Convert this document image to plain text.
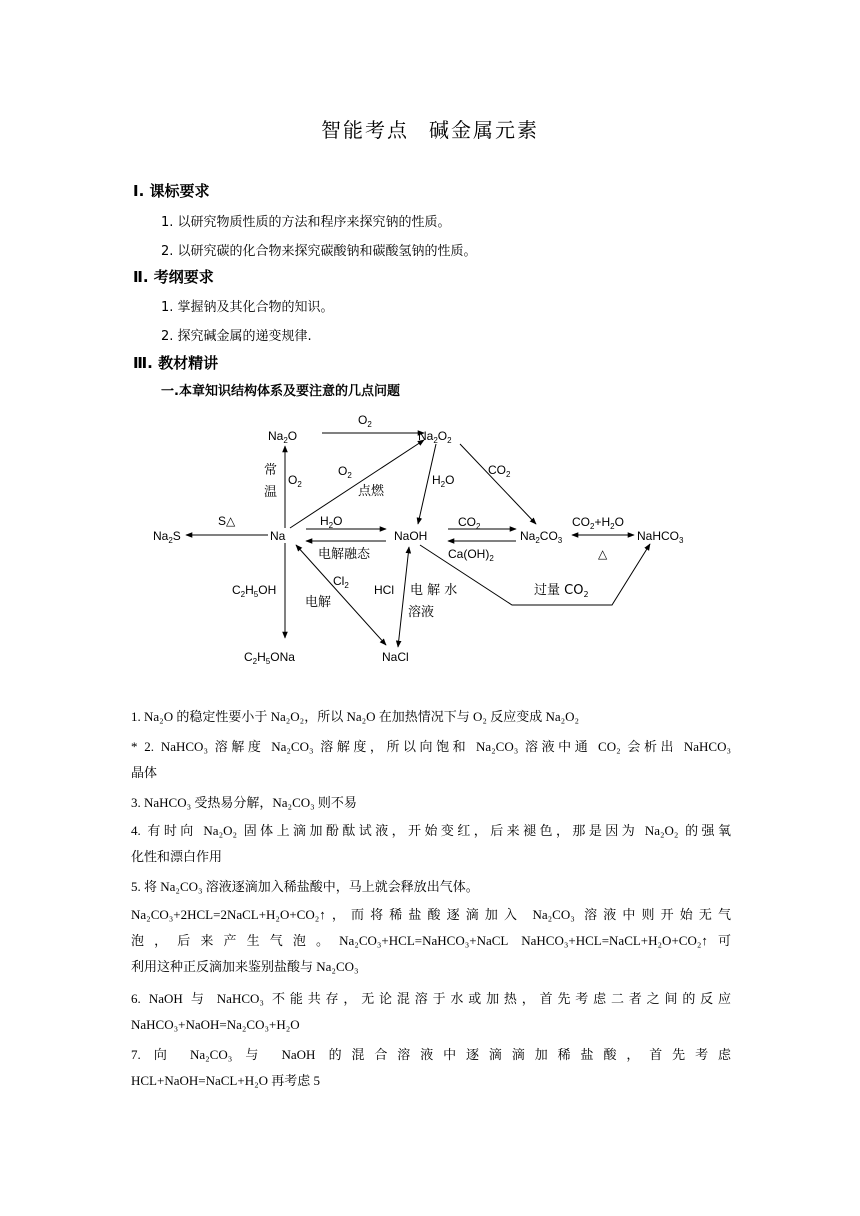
智能考点 碱金属元素
Ⅰ. 课标要求
1. 以研究物质性质的方法和程序来探究钠的性质。
2. 以研究碳的化合物来探究碳酸钠和碳酸氢钠的性质。
Ⅱ. 考纲要求
1. 掌握钠及其化合物的知识。
2. 探究碱金属的递变规律.
Ⅲ. 教材精讲
一.本章知识结构体系及要注意的几点问题
$Na_2O$	$Na_2O_2$
Na
$Na_2S$	NaOH	$Na_2CO_3$	NaHCO$_3$
$C_2H_5OH$
$C_2H_5ONa$	NaCl
$O_2$
常
温
$O_2$
$O_2$
点燃
$H_2O$
$CO_2$
S△	$H_2O$
电解融态
$CO_2$
$Ca(OH)_2$
$CO_2+H_2O$
△
$Cl_2$
电解
HCl 电 解 水
溶液
过量 $CO_2$
1. Na₂O 的稳定性要小于 Na₂O₂，所以 Na₂O 在加热情况下与 O₂ 反应变成 Na₂O₂
* 2. NaHCO₃ 溶解度 Na₂CO₃ 溶解度，所以向饱和 Na₂CO₃ 溶液中通 CO₂ 会析出 NaHCO₃
晶体
3. NaHCO₃ 受热易分解，Na₂CO₃ 则不易
4. 有时向 Na₂O₂ 固体上滴加酚酞试液，开始变红，后来褪色，那是因为 Na₂O₂ 的强氧
化性和漂白作用
5. 将 Na₂CO₃ 溶液逐滴加入稀盐酸中，马上就会释放出气体。
Na₂CO₃+2HCL=2NaCL+H₂O+CO₂↑，而将稀盐酸逐滴加入 Na₂CO₃ 溶液中则开始无气
泡，后来产生气泡。Na₂CO₃+HCL=NaHCO₃+NaCL NaHCO₃+HCL=NaCL+H₂O+CO₂↑可
利用这种正反滴加来鉴别盐酸与 Na₂CO₃
6. NaOH 与 NaHCO₃ 不能共存，无论混溶于水或加热，首先考虑二者之间的反应
NaHCO₃+NaOH=Na₂CO₃+H₂O
7. 向 Na₂CO₃ 与 NaOH 的混合溶液中逐滴滴加稀盐酸，首先考虑
HCL+NaOH=NaCL+H₂O 再考虑 5
